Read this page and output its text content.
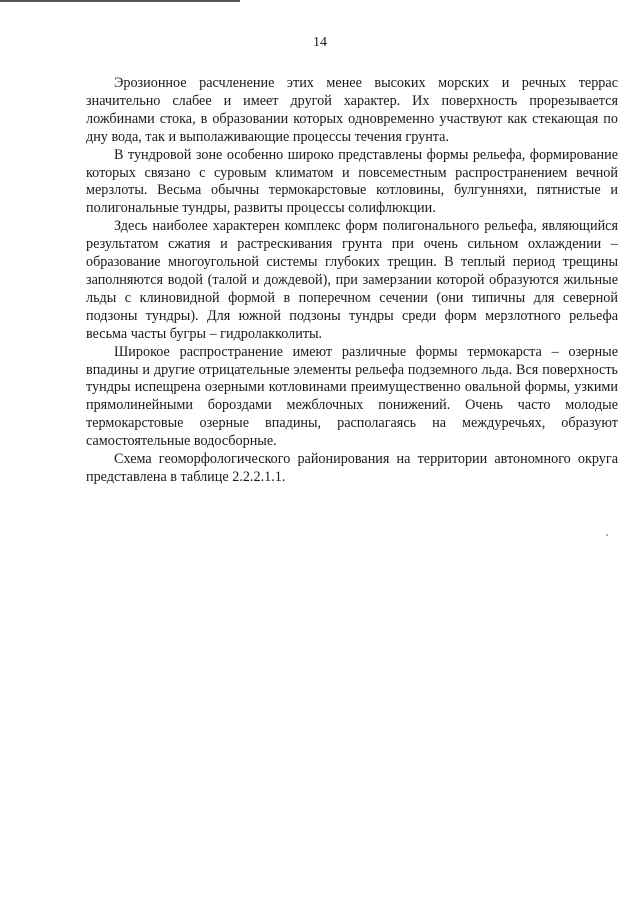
14

Эрозионное расчленение этих менее высоких морских и речных террас значительно слабее и имеет другой характер. Их поверхность прорезывается ложбинами стока, в образовании которых одновременно участвуют как стекающая по дну вода, так и выполаживающие процессы течения грунта.

В тундровой зоне особенно широко представлены формы рельефа, формирование которых связано с суровым климатом и повсеместным распространением вечной мерзлоты. Весьма обычны термокарстовые котловины, булгунняхи, пятнистые и полигональные тундры, развиты процессы солифлюкции.

Здесь наиболее характерен комплекс форм полигонального рельефа, являющийся результатом сжатия и растрескивания грунта при очень сильном охлаждении – образование многоугольной системы глубоких трещин. В теплый период трещины заполняются водой (талой и дождевой), при замерзании которой образуются жильные льды с клиновидной формой в поперечном сечении (они типичны для северной подзоны тундры). Для южной подзоны тундры среди форм мерзлотного рельефа весьма часты бугры – гидролакколиты.

Широкое распространение имеют различные формы термокарста – озерные впадины и другие отрицательные элементы рельефа подземного льда. Вся поверхность тундры испещрена озерными котловинами преимущественно овальной формы, узкими прямолинейными бороздами межблочных понижений. Очень часто молодые термокарстовые озерные впадины, располагаясь на междуречьях, образуют самостоятельные водосборные.

Схема геоморфологического районирования на территории автономного округа представлена в таблице 2.2.2.1.1.
